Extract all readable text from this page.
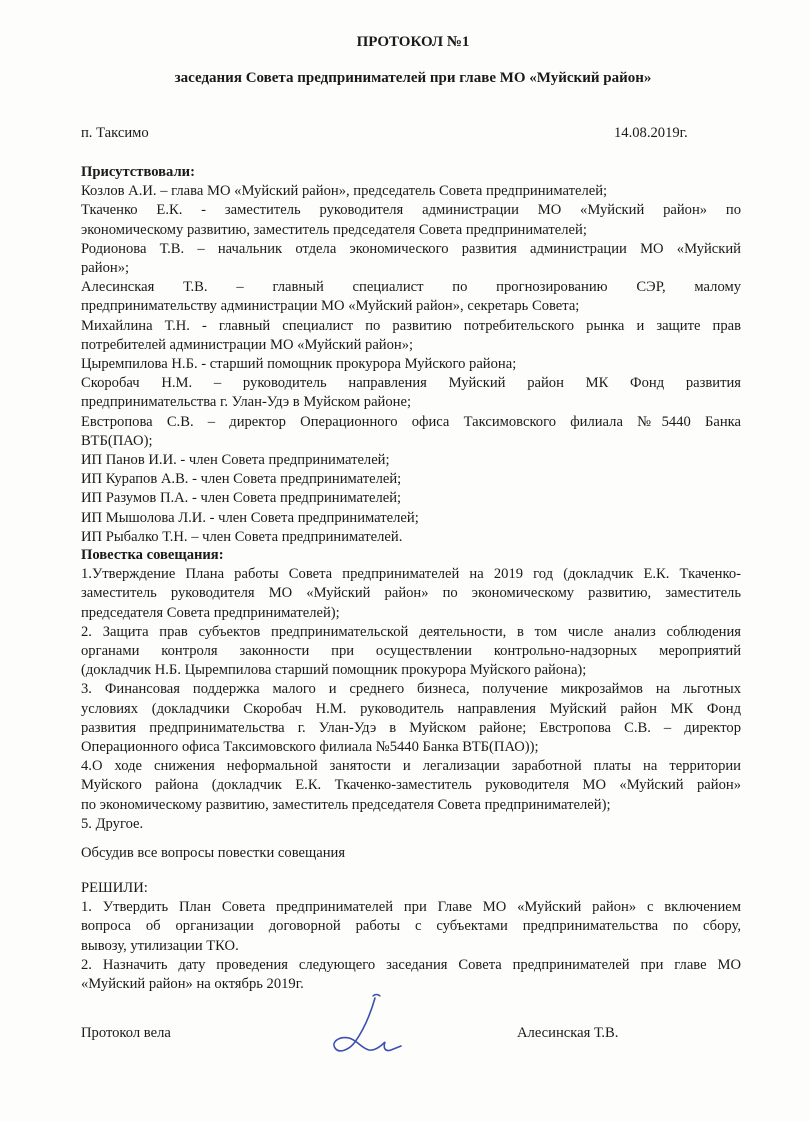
ПРОТОКОЛ №1
заседания Совета предпринимателей при главе МО «Муйский район»
п. Таксимо	14.08.2019г.

Присутствовали:

Козлов А.И. – глава МО «Муйский район», председатель Совета предпринимателей;
Ткаченко Е.К. - заместитель руководителя администрации МО «Муйский район» по
экономическому развитию, заместитель председателя Совета предпринимателей;
Родионова Т.В. – начальник отдела экономического развития администрации МО «Муйский
район»;
Алесинская Т.В. – главный специалист по прогнозированию СЭР, малому
предпринимательству администрации МО «Муйский район», секретарь Совета;
Михайлина Т.Н. - главный специалист по развитию потребительского рынка и защите прав
потребителей администрации МО «Муйский район»;
Цыремпилова Н.Б. - старший помощник прокурора Муйского района;
Скоробач Н.М. – руководитель направления Муйский район МК Фонд развития
предпринимательства г. Улан-Удэ в Муйском районе;
Евстропова С.В. – директор Операционного офиса Таксимовского филиала №5440 Банка
ВТБ(ПАО);
ИП Панов И.И. - член Совета предпринимателей;
ИП Курапов А.В. - член Совета предпринимателей;
ИП Разумов П.А. - член Совета предпринимателей;
ИП Мышолова Л.И. - член Совета предпринимателей;
ИП Рыбалко Т.Н. – член Совета предпринимателей.

Повестка совещания:

1.Утверждение Плана работы Совета предпринимателей на 2019 год (докладчик Е.К. Ткаченко-
заместитель руководителя МО «Муйский район» по экономическому развитию, заместитель
председателя Совета предпринимателей);
2. Защита прав субъектов предпринимательской деятельности, в том числе анализ соблюдения
органами контроля законности при осуществлении контрольно-надзорных мероприятий
(докладчик Н.Б. Цыремпилова старший помощник прокурора Муйского района);
3. Финансовая поддержка малого и среднего бизнеса, получение микрозаймов на льготных
условиях (докладчики Скоробач Н.М. руководитель направления Муйский район МК Фонд
развития предпринимательства г. Улан-Удэ в Муйском районе; Евстропова С.В. – директор
Операционного офиса Таксимовского филиала №5440 Банка ВТБ(ПАО));
4.О ходе снижения неформальной занятости и легализации заработной платы на территории
Муйского района (докладчик Е.К. Ткаченко-заместитель руководителя МО «Муйский район»
по экономическому развитию, заместитель председателя Совета предпринимателей);
5. Другое.
Обсудив все вопросы повестки совещания

РЕШИЛИ:

1. Утвердить План Совета предпринимателей при Главе МО «Муйский район» с включением
вопроса об организации договорной работы с субъектами предпринимательства по сбору,
вывозу, утилизации ТКО.
2. Назначить дату проведения следующего заседания Совета предпринимателей при главе МО
«Муйский район» на октябрь 2019г.
Протокол вела	Алесинская Т.В.
